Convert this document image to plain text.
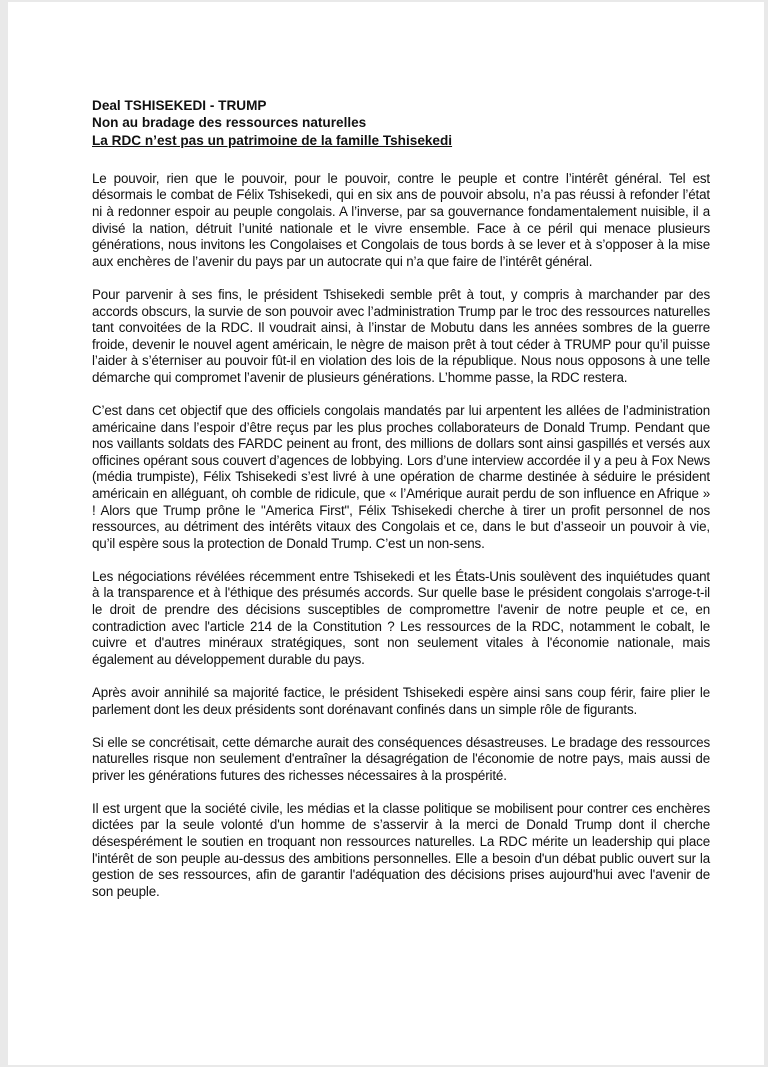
Deal TSHISEKEDI - TRUMP
Non au bradage des ressources naturelles
La RDC n’est pas un patrimoine de la famille Tshisekedi

Le pouvoir, rien que le pouvoir, pour le pouvoir, contre le peuple et contre l’intérêt général. Tel est désormais le combat de Félix Tshisekedi, qui en six ans de pouvoir absolu, n’a pas réussi à refonder l’état ni à redonner espoir au peuple congolais. A l’inverse, par sa gouvernance fondamentalement nuisible, il a divisé la nation, détruit l’unité nationale et le vivre ensemble. Face à ce péril qui menace plusieurs générations, nous invitons les Congolaises et Congolais de tous bords à se lever et à s’opposer à la mise aux enchères de l’avenir du pays par un autocrate qui n’a que faire de l’intérêt général.

Pour parvenir à ses fins, le président Tshisekedi semble prêt à tout, y compris à marchander par des accords obscurs, la survie de son pouvoir avec l’administration Trump par le troc des ressources naturelles tant convoitées de la RDC. Il voudrait ainsi, à l’instar de Mobutu dans les années sombres de la guerre froide, devenir le nouvel agent américain, le nègre de maison prêt à tout céder à TRUMP pour qu’il puisse l’aider à s’éterniser au pouvoir fût-il en violation des lois de la république. Nous nous opposons à une telle démarche qui compromet l’avenir de plusieurs générations. L’homme passe, la RDC restera.

C’est dans cet objectif que des officiels congolais mandatés par lui arpentent les allées de l’administration américaine dans l’espoir d’être reçus par les plus proches collaborateurs de Donald Trump. Pendant que nos vaillants soldats des FARDC peinent au front, des millions de dollars sont ainsi gaspillés et versés aux officines opérant sous couvert d’agences de lobbying. Lors d’une interview accordée il y a peu à Fox News (média trumpiste), Félix Tshisekedi s’est livré à une opération de charme destinée à séduire le président américain en alléguant, oh comble de ridicule, que « l’Amérique aurait perdu de son influence en Afrique » ! Alors que Trump prône le "America First", Félix Tshisekedi cherche à tirer un profit personnel de nos ressources, au détriment des intérêts vitaux des Congolais et ce, dans le but d’asseoir un pouvoir à vie, qu’il espère sous la protection de Donald Trump. C’est un non-sens.

Les négociations révélées récemment entre Tshisekedi et les États-Unis soulèvent des inquiétudes quant à la transparence et à l'éthique des présumés accords. Sur quelle base le président congolais s'arroge-t-il le droit de prendre des décisions susceptibles de compromettre l'avenir de notre peuple et ce, en contradiction avec l'article 214 de la Constitution ? Les ressources de la RDC, notamment le cobalt, le cuivre et d'autres minéraux stratégiques, sont non seulement vitales à l'économie nationale, mais également au développement durable du pays.

Après avoir annihilé sa majorité factice, le président Tshisekedi espère ainsi sans coup férir, faire plier le parlement dont les deux présidents sont dorénavant confinés dans un simple rôle de figurants.

Si elle se concrétisait, cette démarche aurait des conséquences désastreuses. Le bradage des ressources naturelles risque non seulement d'entraîner la désagrégation de l'économie de notre pays, mais aussi de priver les générations futures des richesses nécessaires à la prospérité.

Il est urgent que la société civile, les médias et la classe politique se mobilisent pour contrer ces enchères dictées par la seule volonté d'un homme de s’asservir à la merci de Donald Trump dont il cherche désespérément le soutien en troquant non ressources naturelles. La RDC mérite un leadership qui place l'intérêt de son peuple au-dessus des ambitions personnelles. Elle a besoin d'un débat public ouvert sur la gestion de ses ressources, afin de garantir l'adéquation des décisions prises aujourd'hui avec l'avenir de son peuple.
